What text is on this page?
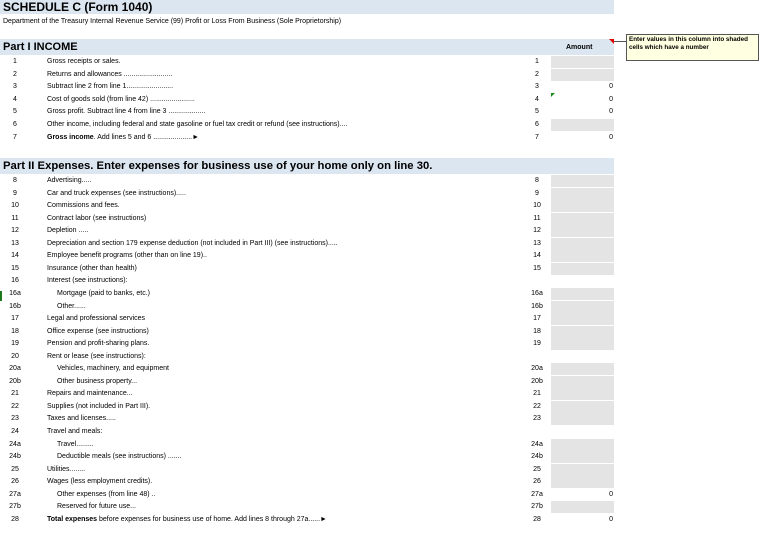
SCHEDULE C (Form 1040)
Department of the Treasury Internal Revenue Service (99) Profit or Loss From Business (Sole Proprietorship)
Part I INCOME	Amount
Enter values in this column into shaded cells which have a number
1	Gross receipts or sales.	1
2	Returns and allowances .........................	2
3	Subtract line 2 from line 1........................	3	0
4	Cost of goods sold (from line 42) .......................	4	0
5	Gross profit. Subtract line 4 from line 3 ...................	5	0
6	Other income, including federal and state gasoline or fuel tax credit or refund (see instructions)....	6
7	Gross income. Add lines 5 and 6 ....................►	7	0
Part II Expenses. Enter expenses for business use of your home only on line 30.
8	Advertising.....	8
9	Car and truck expenses (see instructions).....	9
10	Commissions and fees.	10
11	Contract labor (see instructions)	11
12	Depletion .....	12
13	Depreciation and section 179 expense deduction (not included in Part III) (see instructions).....	13
14	Employee benefit programs (other than on line 19)..	14
15	Insurance (other than health)	15
16	Interest (see instructions):
16a	Mortgage (paid to banks, etc.)	16a
16b	Other......	16b
17	Legal and professional services	17
18	Office expense (see instructions)	18
19	Pension and profit-sharing plans.	19
20	Rent or lease (see instructions):
20a	Vehicles, machinery, and equipment	20a
20b	Other business property...	20b
21	Repairs and maintenance...	21
22	Supplies (not included in Part III).	22
23	Taxes and licenses.....	23
24	Travel and meals:
24a	Travel.........	24a
24b	Deductible meals (see instructions) .......	24b
25	Utilities........	25
26	Wages (less employment credits).	26
27a	Other expenses (from line 48) ..	27a	0
27b	Reserved for future use...	27b
28	Total expenses before expenses for business use of home. Add lines 8 through 27a......►	28	0
